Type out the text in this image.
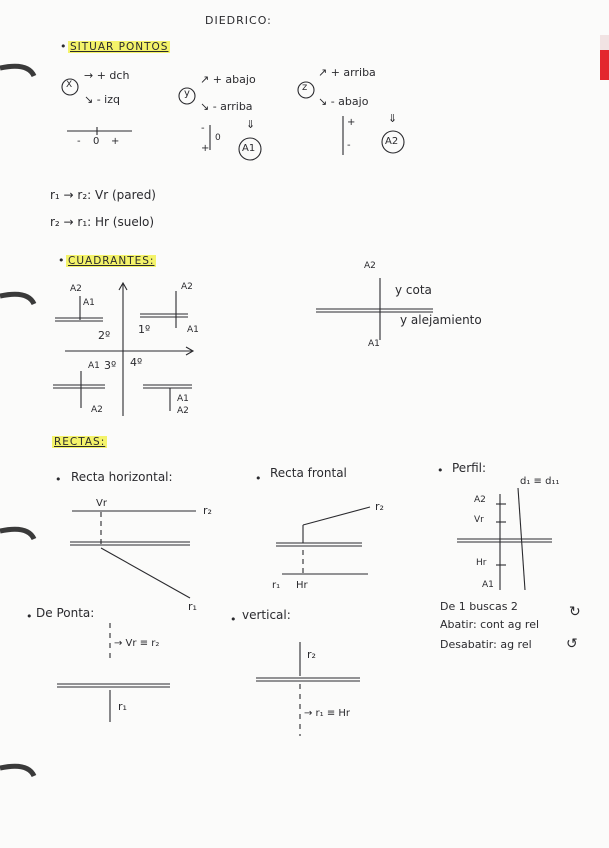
DIEDRICO:
• SITUAR PONTOS
X
→ + dch
↘ - izq
- 0 +
y
↗ + abajo
↘ - arriba
-
0
+	A1
⇓
z
↗ + arriba
↘ - abajo
+
-	A2
⇓
r₁ → r₂: Vr (pared)
r₂ → r₁: Hr (suelo)
• CUADRANTES:
A2
A1
2º	1º
A2
A1
A1 3º 4º
A2
A1
A2
A2
y cota
y alejamiento
A1
RECTAS:
• Recta horizontal:
Vr
r₂
r₁
• Recta frontal
r₂
r₁ Hr
• Perfil:
d₁ ≡ d₁₁
A2
Vr
Hr
A1
• De Ponta:
→ Vr ≡ r₂
r₁
• vertical:
r₂
→ r₁ ≡ Hr
De 1 buscas 2
Abatir: cont ag rel
Desabatir: ag rel
↻
↺
